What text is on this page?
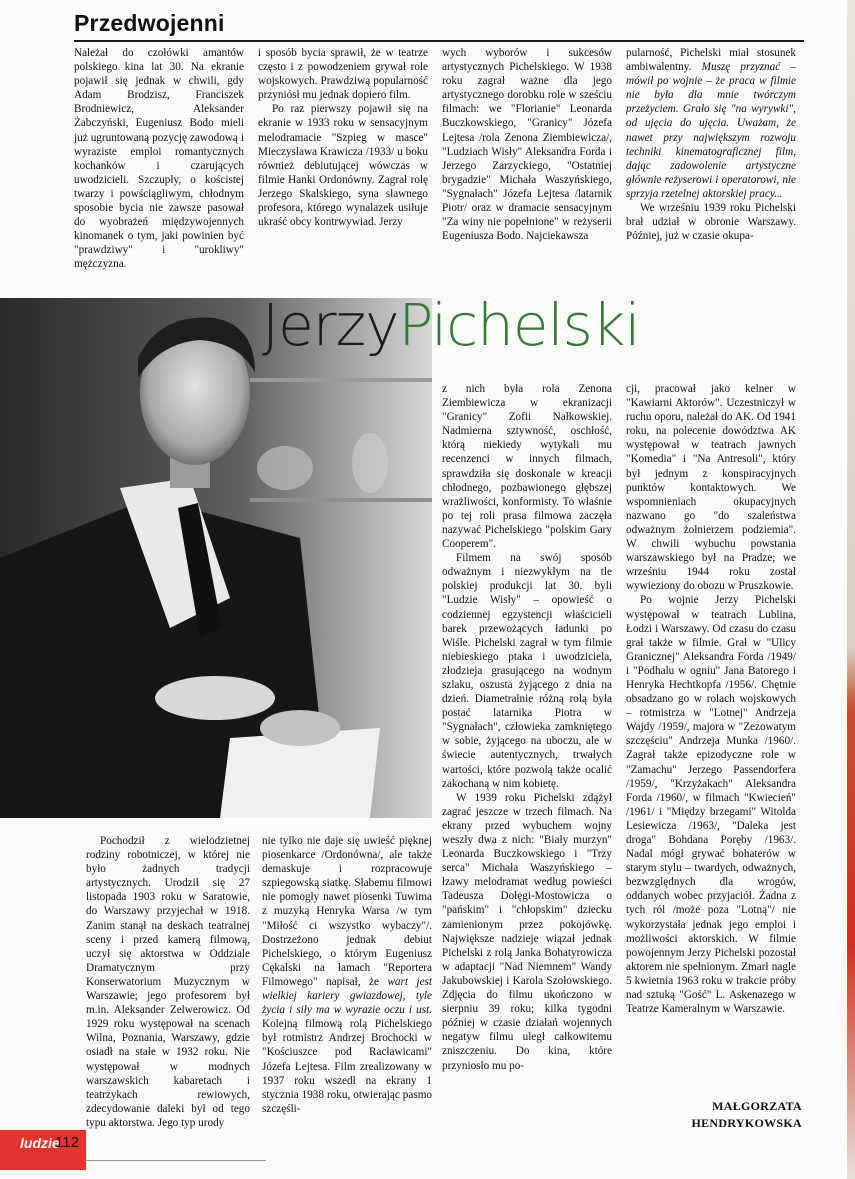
Przedwojenni

Należał do czołówki amantów polskiego kina lat 30. Na ekranie pojawił się jednak w chwili, gdy Adam Brodzisz, Franciszek Brodniewicz, Aleksander Żabczyński, Eugeniusz Bodo mieli już ugruntowaną pozycję zawodową i wyraziste emploi romantycznych kochanków i czarujących uwodzicieli. Szczupły, o kościstej twarzy i powściągliwym, chłodnym sposobie bycia nie zawsze pasował do wyobrażeń międzywojennych kinomanek o tym, jaki powinien być "prawdziwy" i "urokliwy" mężczyzna.

i sposób bycia sprawił, że w teatrze często i z powodzeniem grywał role wojskowych. Prawdziwą popularność przyniósł mu jednak dopiero film.

Po raz pierwszy pojawił się na ekranie w 1933 roku w sensacyjnym melodramacie "Szpieg w masce" Mieczysława Krawicza /1933/ u boku również debiutującej wówczas w filmie Hanki Ordonówny. Zagrał rolę Jerzego Skalskiego, syna sławnego profesora, którego wynalazek usiłuje ukraść obcy kontrwywiad. Jerzy

wych wyborów i sukcesów artystycznych Pichelskiego. W 1938 roku zagrał ważne dla jego artystycznego dorobku role w sześciu filmach: we "Florianie" Leonarda Buczkowskiego, "Granicy" Józefa Lejtesa /rola Zenona Ziembiewicza/, "Ludziach Wisły" Aleksandra Forda i Jerzego Zarzyckiego, "Ostatniej brygadzie" Michała Waszyńskiego, "Sygnałach" Józefa Lejtesa /latarnik Piotr/ oraz w dramacie sensacyjnym "Za winy nie popełnione" w reżyserii Eugeniusza Bodo. Najciekawsza

pularność, Pichelski miał stosunek ambiwalentny. Muszę przyznać – mówił po wojnie – że praca w filmie nie była dla mnie twórczym przeżyciem. Grało się "na wyrywki", od ujęcia do ujęcia. Uważam, że nawet przy największym rozwoju techniki kinematograficznej film, dając zadowolenie artystyczne głównie reżyserowi i operatorowi, nie sprzyja rzetelnej aktorskiej pracy...

We wrześniu 1939 roku Pichelski brał udział w obronie Warszawy. Później, już w czasie okupa-

JerzyPichelski

z nich była rola Zenona Ziembiewicza w ekranizacji "Granicy" Zofii Nałkowskiej. Nadmierna sztywność, oschłość, którą niekiedy wytykali mu recenzenci w innych filmach, sprawdziła się doskonale w kreacji chłodnego, pozbawionego głębszej wrażliwości, konformisty. To właśnie po tej roli prasa filmowa zaczęła nazywać Pichelskiego "polskim Gary Cooperem".

Filmem na swój sposób odważnym i niezwykłym na tle polskiej produkcji lat 30. byli "Ludzie Wisły" – opowieść o codziennej egzystencji właścicieli barek przewożących ładunki po Wiśle. Pichelski zagrał w tym filmie niebieskiego ptaka i uwodziciela, złodzieja grasującego na wodnym szlaku, oszusta żyjącego z dnia na dzień. Diametralnie różną rolą była postać latarnika Piotra w "Sygnałach", człowieka zamkniętego w sobie, żyjącego na uboczu, ale w świecie autentycznych, trwałych wartości, które pozwolą także ocalić zakochaną w nim kobietę.

W 1939 roku Pichelski zdążył zagrać jeszcze w trzech filmach. Na ekrany przed wybuchem wojny weszły dwa z nich: "Biały murzyn" Leonarda Buczkowskiego i "Trzy serca" Michała Waszyńskiego – łzawy melodramat według powieści Tadeusza Dołęgi-Mostowicza o "pańskim" i "chłopskim" dziecku zamienionym przez pokojówkę. Największe nadzieje wiązał jednak Pichelski z rolą Janka Bohatyrowicza w adaptacji "Nad Niemnem" Wandy Jakubowskiej i Karola Szołowskiego. Zdjęcia do filmu ukończono w sierpniu 39 roku; kilka tygodni później w czasie działań wojennych negatyw filmu uległ całkowitemu zniszczeniu. Do kina, które przyniosło mu po-

cji, pracował jako kelner w "Kawiarni Aktorów". Uczestniczył w ruchu oporu, należał do AK. Od 1941 roku, na polecenie dowództwa AK występował w teatrach jawnych "Komedia" i "Na Antresoli", który był jednym z konspiracyjnych punktów kontaktowych. We wspomnieniach okupacyjnych nazwano go "do szaleństwa odważnym żołnierzem podziemia". W chwili wybuchu powstania warszawskiego był na Pradze; we wrześniu 1944 roku został wywieziony do obozu w Pruszkowie.

Po wojnie Jerzy Pichelski występował w teatrach Lublina, Łodzi i Warszawy. Od czasu do czasu grał także w filmie. Grał w "Ulicy Granicznej" Aleksandra Forda /1949/ i "Podhalu w ogniu" Jana Batorego i Henryka Hechtkopfa /1956/. Chętnie obsadzano go w rolach wojskowych – rotmistrza w "Lotnej" Andrzeja Wajdy /1959/, majora w "Zezowatym szczęściu" Andrzeja Munka /1960/. Zagrał także epizodyczne role w "Zamachu" Jerzego Passendorfera /1959/, "Krzyżakach" Aleksandra Forda /1960/, w filmach "Kwiecień" /1961/ i "Między brzegami" Witolda Lesiewicza /1963/, "Daleka jest droga" Bohdana Poręby /1963/. Nadal mógł grywać bohaterów w starym stylu – twardych, odważnych, bezwzględnych dla wrogów, oddanych wobec przyjaciół. Żadna z tych ról /może poza "Lotną"/ nie wykorzystała jednak jego emploi i możliwości aktorskich. W filmie powojennym Jerzy Pichelski pozostał aktorem nie spełnionym. Zmarł nagle 5 kwietnia 1963 roku w trakcie próby nad sztuką "Gość" L. Askenazego w Teatrze Kameralnym w Warszawie.

Pochodził z wielodzietnej rodziny robotniczej, w której nie było żadnych tradycji artystycznych. Urodził się 27 listopada 1903 roku w Saratowie, do Warszawy przyjechał w 1918. Zanim stanął na deskach teatralnej sceny i przed kamerą filmową, uczył się aktorstwa w Oddziale Dramatycznym przy Konserwatorium Muzycznym w Warszawie; jego profesorem był m.in. Aleksander Zelwerowicz. Od 1929 roku występował na scenach Wilna, Poznania, Warszawy, gdzie osiadł na stałe w 1932 roku. Nie występował w modnych warszawskich kabaretach i teatrzykach rewiowych, zdecydowanie daleki był od tego typu aktorstwa. Jego typ urody

nie tylko nie daje się uwieść pięknej piosenkarce /Ordonówna/, ale także demaskuje i rozpracowuje szpiegowską siatkę. Słabemu filmowi nie pomogły nawet piosenki Tuwima z muzyką Henryka Warsa /w tym "Miłość ci wszystko wybaczy"/. Dostrzeżono jednak debiut Pichelskiego, o którym Eugeniusz Cękalski na łamach "Reportera Filmowego" napisał, że wart jest wielkiej kariery gwiazdowej, tyle życia i siły ma w wyrazie oczu i ust. Kolejną filmową rolą Pichelskiego był rotmistrz Andrzej Brochocki w "Kościuszce pod Racławicami" Józefa Lejtesa. Film zrealizowany w 1937 roku wszedł na ekrany 1 stycznia 1938 roku, otwierając pasmo szczęśli-	MAŁGORZATA
HENDRYKOWSKA
ludzie
112
